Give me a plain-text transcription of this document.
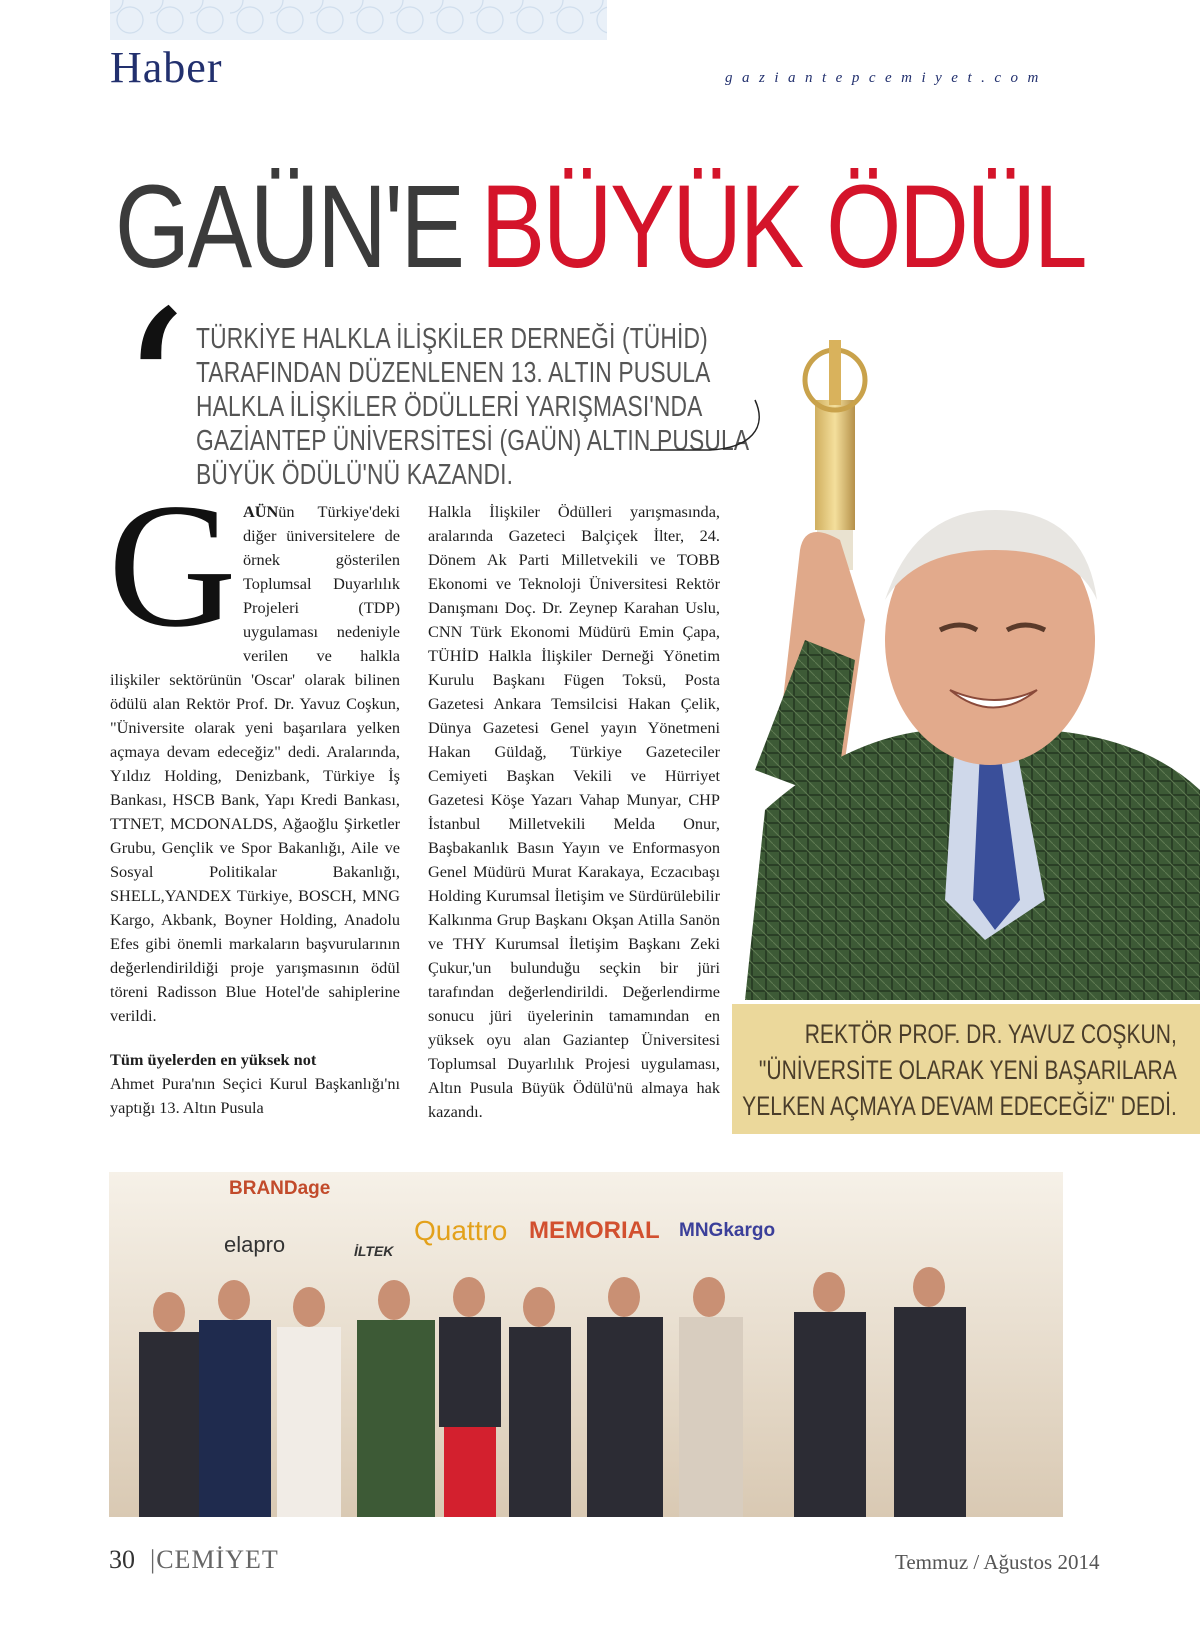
Haber	gaziantepcemiyet.com
GAÜN'E BÜYÜK ÖDÜL
‘ TÜRKİYE HALKLA İLİŞKİLER DERNEĞİ (TÜHİD) TARAFINDAN DÜZENLENEN 13. ALTIN PUSULA HALKLA İLİŞKİLER ÖDÜLLERİ YARIŞMASI'NDA GAZİANTEP ÜNİVERSİTESİ (GAÜN) ALTIN PUSULA BÜYÜK ÖDÜLÜ'NÜ KAZANDI.
G AÜNün Türkiye'deki diğer üniversitelere de örnek gösterilen Toplumsal Duyarlılık Projeleri (TDP) uygulaması nedeniyle verilen ve halkla ilişkiler sektörünün 'Oscar' olarak bilinen ödülü alan Rektör Prof. Dr. Yavuz Coşkun, "Üniversite olarak yeni başarılara yelken açmaya devam edeceğiz" dedi. Aralarında, Yıldız Holding, Denizbank, Türkiye İş Bankası, HSCB Bank, Yapı Kredi Bankası, TTNET, MCDONALDS, Ağaoğlu Şirketler Grubu, Gençlik ve Spor Bakanlığı, Aile ve Sosyal Politikalar Bakanlığı, SHELL,YANDEX Türkiye, BOSCH, MNG Kargo, Akbank, Boyner Holding, Anadolu Efes gibi önemli markaların başvurularının değerlendirildiği proje yarışmasının ödül töreni Radisson Blue Hotel'de sahiplerine verildi.
Tüm üyelerden en yüksek not
Ahmet Pura'nın Seçici Kurul Başkanlığı'nı yaptığı 13. Altın Pusula
Halkla İlişkiler Ödülleri yarışmasında, aralarında Gazeteci Balçiçek İlter, 24. Dönem Ak Parti Milletvekili ve TOBB Ekonomi ve Teknoloji Üniversitesi Rektör Danışmanı Doç. Dr. Zeynep Karahan Uslu, CNN Türk Ekonomi Müdürü Emin Çapa, TÜHİD Halkla İlişkiler Derneği Yönetim Kurulu Başkanı Fügen Toksü, Posta Gazetesi Ankara Temsilcisi Hakan Çelik, Dünya Gazetesi Genel yayın Yönetmeni Hakan Güldağ, Türkiye Gazeteciler Cemiyeti Başkan Vekili ve Hürriyet Gazetesi Köşe Yazarı Vahap Munyar, CHP İstanbul Milletvekili Melda Onur, Başbakanlık Basın Yayın ve Enformasyon Genel Müdürü Murat Karakaya, Eczacıbaşı Holding Kurumsal İletişim ve Sürdürülebilir Kalkınma Grup Başkanı Okşan Atilla Sanön ve THY Kurumsal İletişim Başkanı Zeki Çukur,'un bulunduğu seçkin bir jüri tarafından değerlendirildi. Değerlendirme sonucu jüri üyelerinin tamamından en yüksek oyu alan Gaziantep Üniversitesi Toplumsal Duyarlılık Projesi uygulaması, Altın Pusula Büyük Ödülü'nü almaya hak kazandı.
REKTÖR PROF. DR. YAVUZ COŞKUN, "ÜNİVERSİTE OLARAK YENİ BAŞARILARA YELKEN AÇMAYA DEVAM EDECEĞİZ" DEDİ.
BRANDage
elapro	İLTEK
Quattro MEMORIAL MNGkargo
30 |CEMİYET	Temmuz / Ağustos 2014
